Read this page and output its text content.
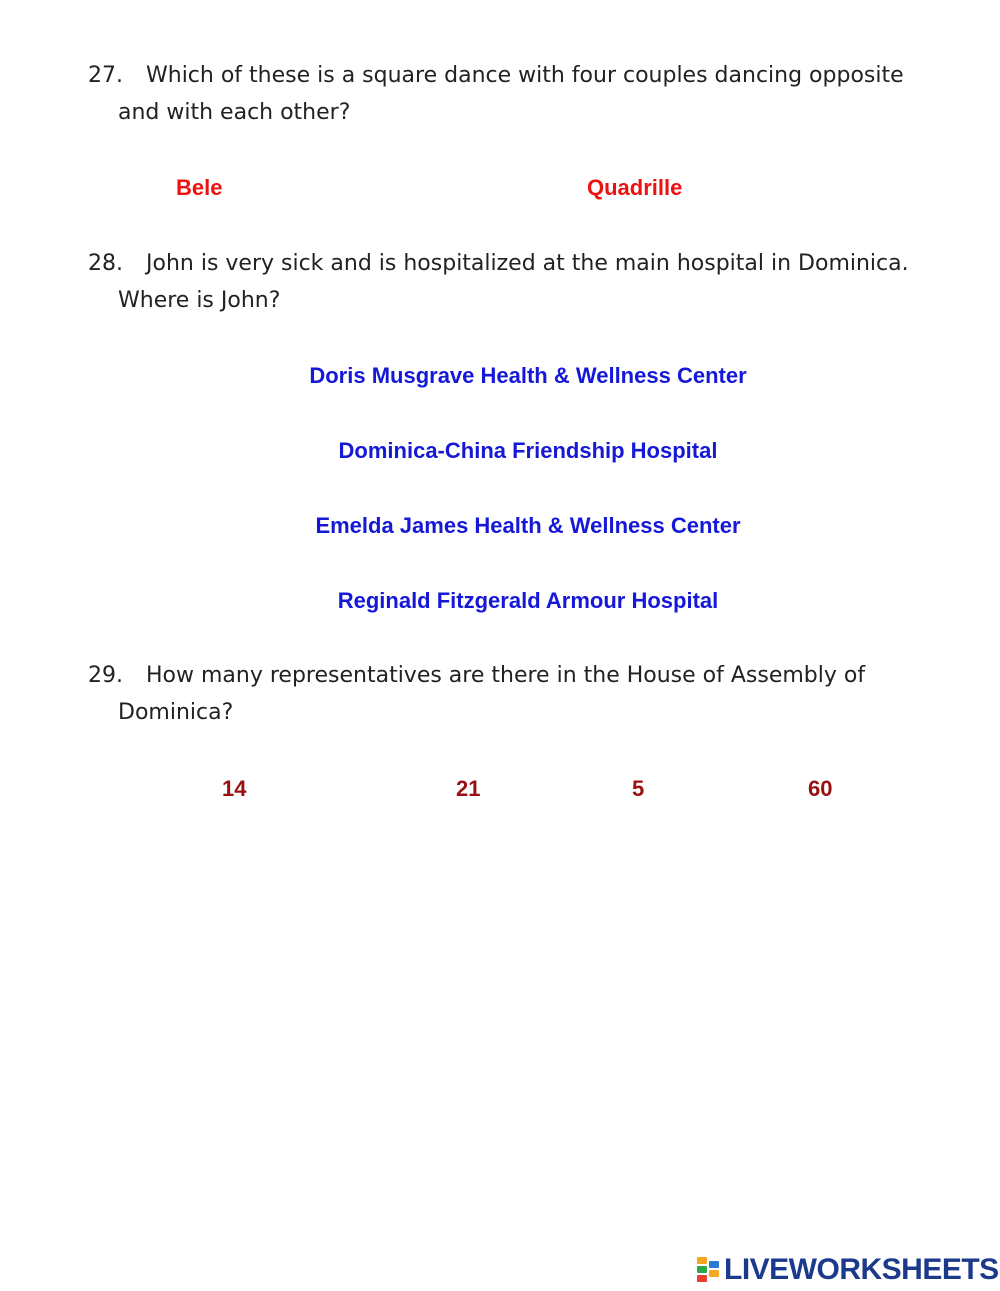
27. Which of these is a square dance with four couples dancing opposite
and with each other?
Bele	Quadrille
28. John is very sick and is hospitalized at the main hospital in Dominica.
Where is John?
Doris Musgrave Health & Wellness Center
Dominica-China Friendship Hospital
Emelda James Health & Wellness Center
Reginald Fitzgerald Armour Hospital
29. How many representatives are there in the House of Assembly of
Dominica?
14	21	5	60
LIVEWORKSHEETS
